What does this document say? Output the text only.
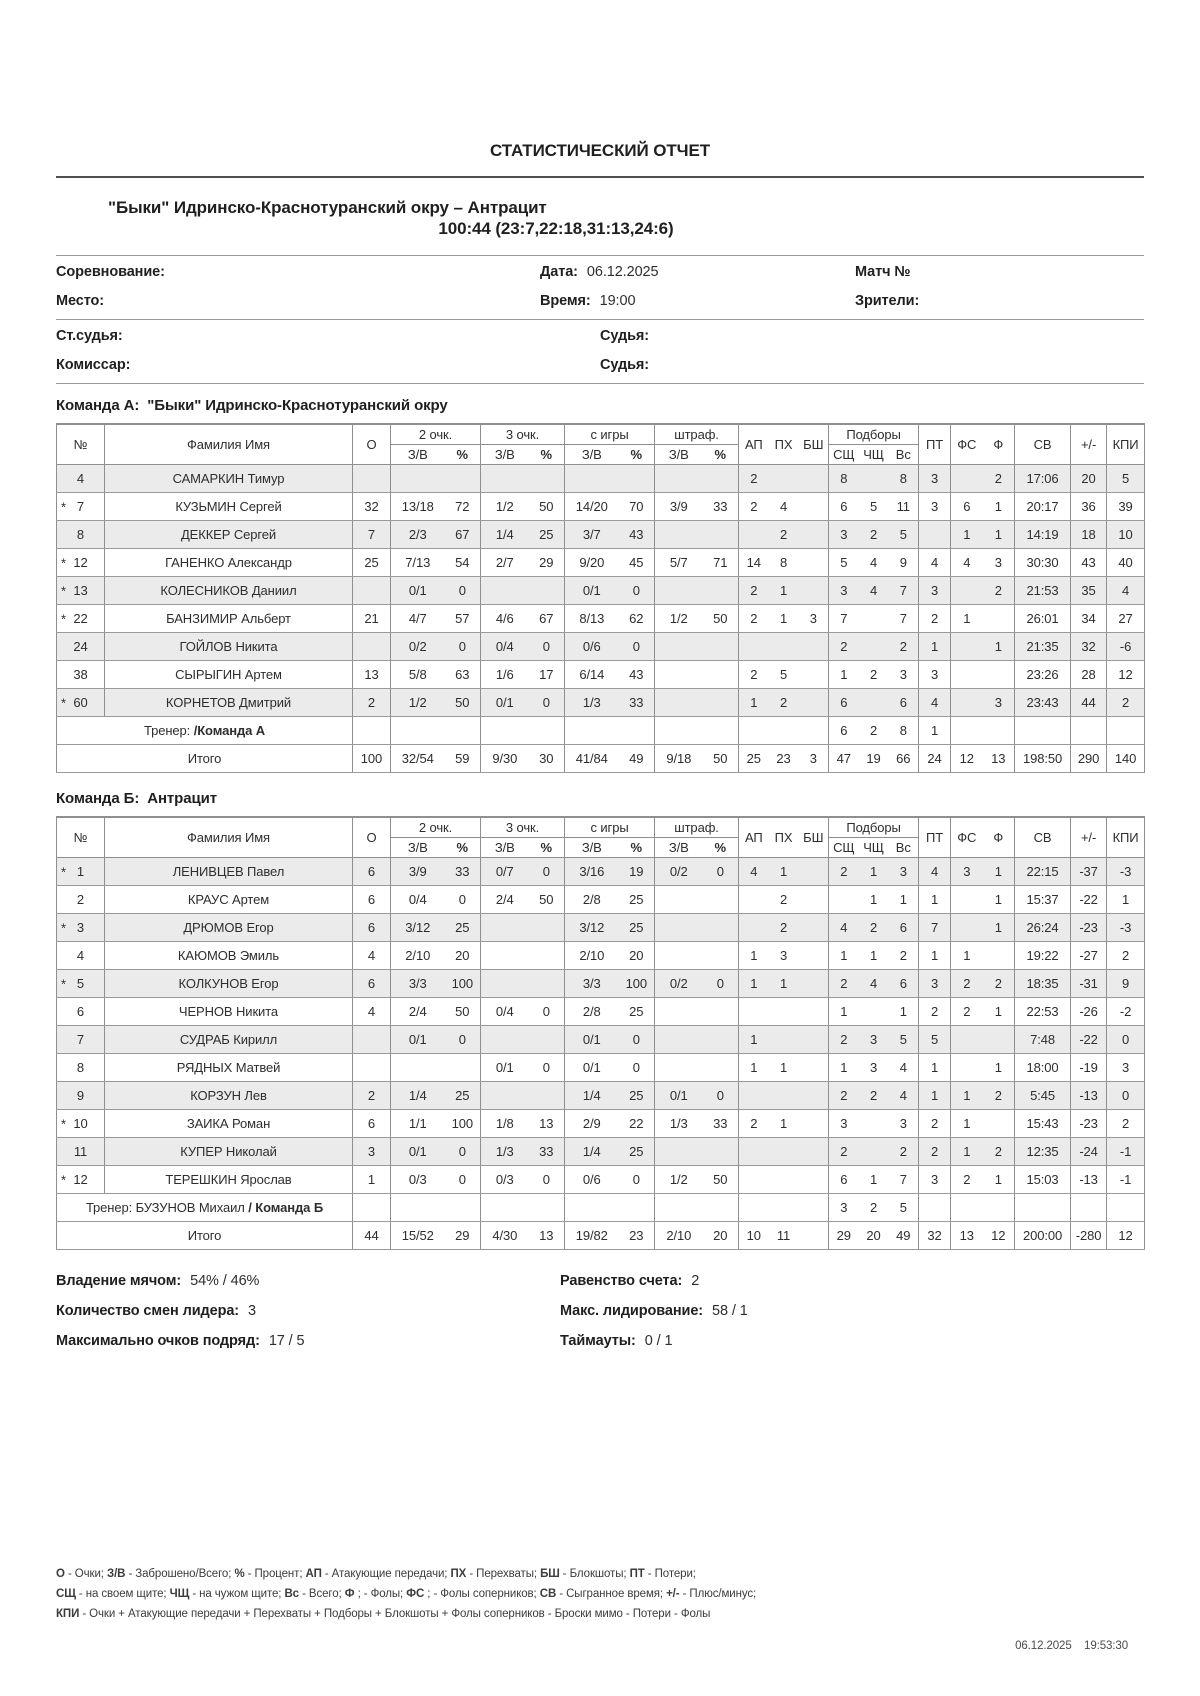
СТАТИСТИЧЕСКИЙ ОТЧЕТ
"Быки" Идринско-Краснотуранский окру – Антрацит
100:44 (23:7,22:18,31:13,24:6)
Соревнование:	Дата: 06.12.2025	Матч №
Место:	Время: 19:00	Зрители:
Ст.судья:	Судья:
Комиссар:	Судья:
Команда А: "Быки" Идринско-Краснотуранский окру
№	Фамилия Имя	О	2 очк.		3 очк.		с игры		штраф.		АП	ПХ	БШ	Подборы			ПТ	ФС	Ф	СВ	+/-	КПИ
			З/В	%	З/В	%	З/В	%	З/В	%				СЩ	ЧЩ	Вс						

4	САМАРКИН Тимур										2			8		8	3		2	17:06	20	5

* 7	КУЗЬМИН Сергей	32	13/18	72	1/2	50	14/20	70	3/9	33	2	4		6	5	11	3	6	1	20:17	36	39

8	ДЕККЕР Сергей	7	2/3	67	1/4	25	3/7	43				2		3	2	5		1	1	14:19	18	10

* 12	ГАНЕНКО Александр	25	7/13	54	2/7	29	9/20	45	5/7	71	14	8		5	4	9	4	4	3	30:30	43	40

* 13	КОЛЕСНИКОВ Даниил		0/1	0			0/1	0			2	1		3	4	7	3		2	21:53	35	4

* 22	БАНЗИМИР Альберт	21	4/7	57	4/6	67	8/13	62	1/2	50	2	1	3	7		7	2	1		26:01	34	27

24	ГОЙЛОВ Никита		0/2	0	0/4	0	0/6	0						2		2	1		1	21:35	32	-6

38	СЫРЫГИН Артем	13	5/8	63	1/6	17	6/14	43			2	5		1	2	3	3			23:26	28	12

* 60	КОРНЕТОВ Дмитрий	2	1/2	50	0/1	0	1/3	33			1	2		6		6	4		3	23:43	44	2
Тренер: /Команда А														6	2	8	1					
Итого		100	32/54	59	9/30	30	41/84	49	9/18	50	25	23	3	47	19	66	24	12	13	198:50	290	140
Команда Б: Антрацит
№	Фамилия Имя	О	2 очк.		3 очк.		с игры		штраф.		АП	ПХ	БШ	Подборы			ПТ	ФС	Ф	СВ	+/-	КПИ
			З/В	%	З/В	%	З/В	%	З/В	%				СЩ	ЧЩ	Вс						

* 1	ЛЕНИВЦЕВ Павел	6	3/9	33	0/7	0	3/16	19	0/2	0	4	1		2	1	3	4	3	1	22:15	-37	-3

2	КРАУС Артем	6	0/4	0	2/4	50	2/8	25				2			1	1	1		1	15:37	-22	1

* 3	ДРЮМОВ Егор	6	3/12	25			3/12	25				2		4	2	6	7		1	26:24	-23	-3

4	КАЮМОВ Эмиль	4	2/10	20			2/10	20			1	3		1	1	2	1	1		19:22	-27	2

* 5	КОЛКУНОВ Егор	6	3/3	100			3/3	100	0/2	0	1	1		2	4	6	3	2	2	18:35	-31	9

6	ЧЕРНОВ Никита	4	2/4	50	0/4	0	2/8	25						1		1	2	2	1	22:53	-26	-2

7	СУДРАБ Кирилл		0/1	0			0/1	0			1			2	3	5	5			7:48	-22	0

8	РЯДНЫХ Матвей				0/1	0	0/1	0			1	1		1	3	4	1		1	18:00	-19	3

9	КОРЗУН Лев	2	1/4	25			1/4	25	0/1	0				2	2	4	1	1	2	5:45	-13	0

* 10	ЗАИКА Роман	6	1/1	100	1/8	13	2/9	22	1/3	33	2	1		3		3	2	1		15:43	-23	2

11	КУПЕР Николай	3	0/1	0	1/3	33	1/4	25						2		2	2	1	2	12:35	-24	-1

* 12	ТЕРЕШКИН Ярослав	1	0/3	0	0/3	0	0/6	0	1/2	50				6	1	7	3	2	1	15:03	-13	-1
Тренер: БУЗУНОВ Михаил / Команда Б														3	2	5						
Итого		44	15/52	29	4/30	13	19/82	23	2/10	20	10	11		29	20	49	32	13	12	200:00	-280	12
Владение мячом: 54% / 46%	Равенство счета: 2
Количество смен лидера: 3	Макс. лидирование: 58 / 1
Максимально очков подряд: 17 / 5	Таймауты: 0 / 1
О - Очки; З/В - Заброшено/Всего; % - Процент; АП - Атакующие передачи; ПХ - Перехваты; БШ - Блокшоты; ПТ - Потери;
СЩ - на своем щите; ЧЩ - на чужом щите; Вс - Всего; Ф ; - Фолы; ФС ; - Фолы соперников; СВ - Сыгранное время; +/- - Плюс/минус;
КПИ - Очки + Атакующие передачи + Перехваты + Подборы + Блокшоты + Фолы соперников - Броски мимо - Потери - Фолы
06.12.2025    19:53:30
